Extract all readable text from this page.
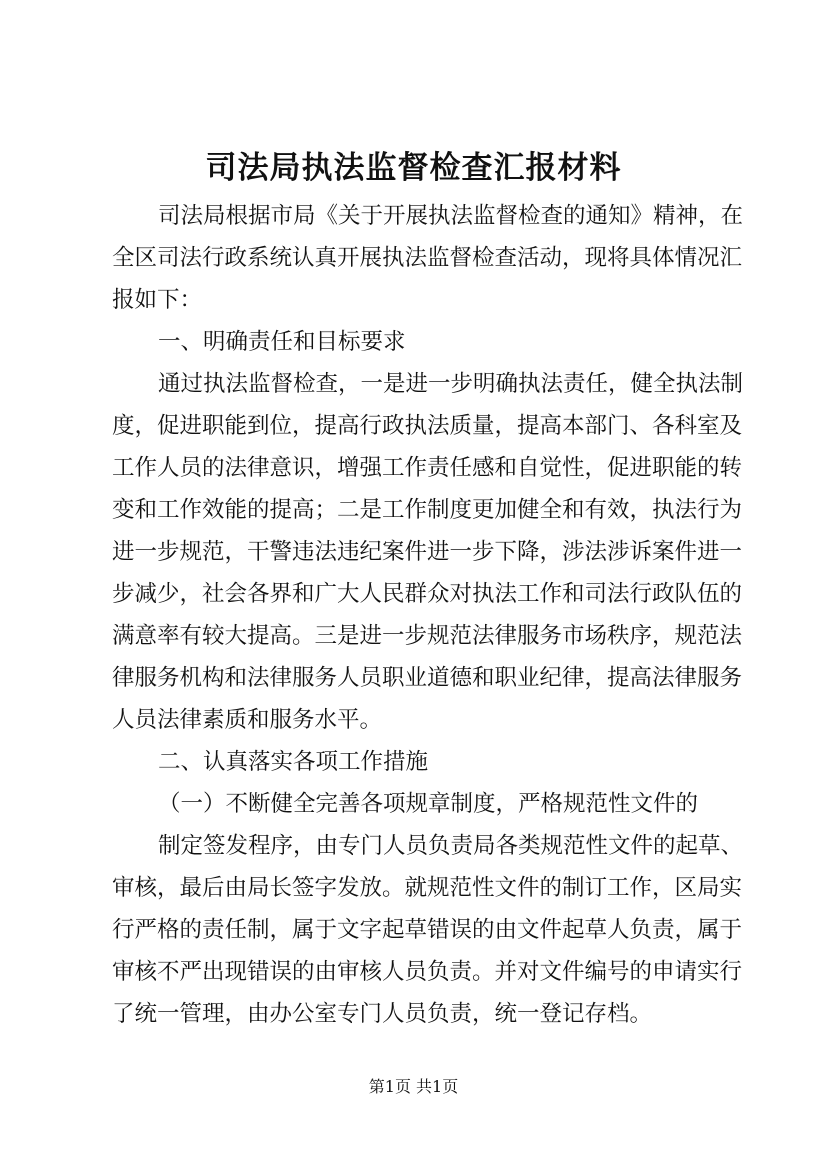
司法局执法监督检查汇报材料
司法局根据市局《关于开展执法监督检查的通知》精神，在
全区司法行政系统认真开展执法监督检查活动，现将具体情况汇
报如下：
一、明确责任和目标要求
通过执法监督检查，一是进一步明确执法责任，健全执法制
度，促进职能到位，提高行政执法质量，提高本部门、各科室及
工作人员的法律意识，增强工作责任感和自觉性，促进职能的转
变和工作效能的提高；二是工作制度更加健全和有效，执法行为
进一步规范，干警违法违纪案件进一步下降，涉法涉诉案件进一
步减少，社会各界和广大人民群众对执法工作和司法行政队伍的
满意率有较大提高。三是进一步规范法律服务市场秩序，规范法
律服务机构和法律服务人员职业道德和职业纪律，提高法律服务
人员法律素质和服务水平。
二、认真落实各项工作措施
（一）不断健全完善各项规章制度，严格规范性文件的
制定签发程序，由专门人员负责局各类规范性文件的起草、
审核，最后由局长签字发放。就规范性文件的制订工作，区局实
行严格的责任制，属于文字起草错误的由文件起草人负责，属于
审核不严出现错误的由审核人员负责。并对文件编号的申请实行
了统一管理，由办公室专门人员负责，统一登记存档。
第1页 共1页
